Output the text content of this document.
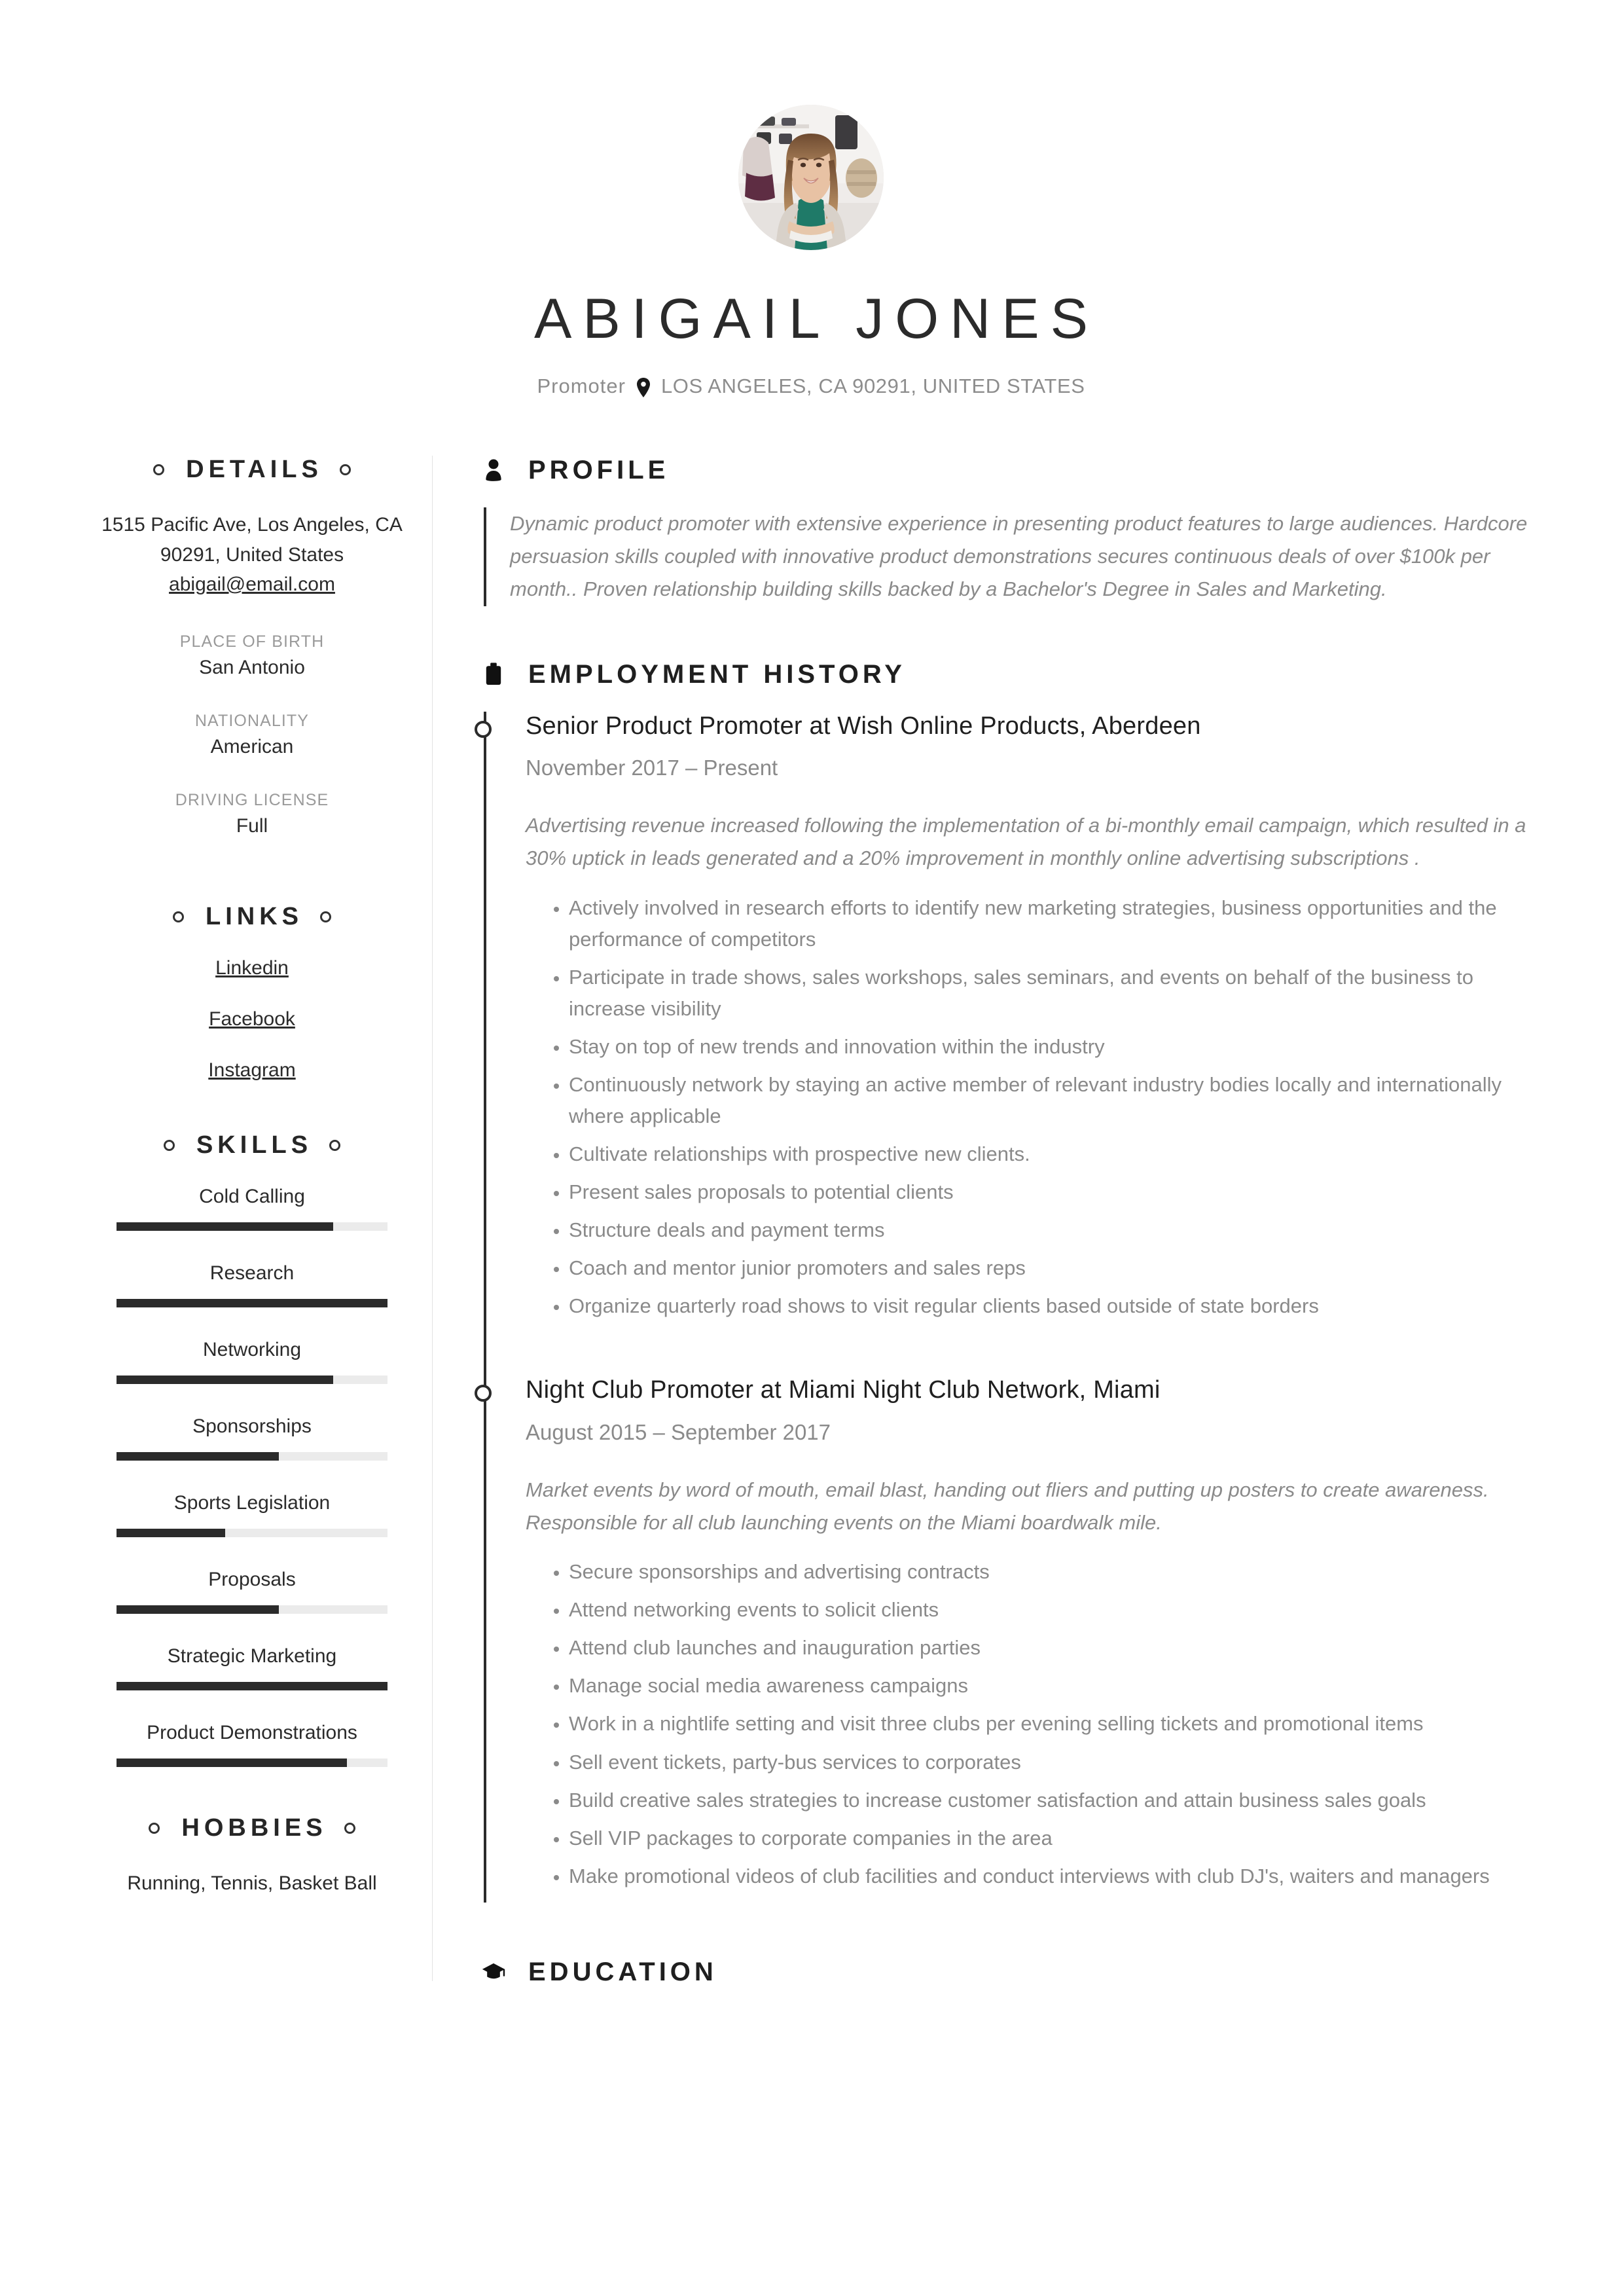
ABIGAIL JONES
Promoter LOS ANGELES, CA 90291, UNITED STATES
DETAILS
1515 Pacific Ave, Los Angeles, CA
90291, United States
abigail@email.com
PLACE OF BIRTH
San Antonio
NATIONALITY
American
DRIVING LICENSE
Full
LINKS
Linkedin
Facebook
Instagram
SKILLS
Cold Calling
Research
Networking
Sponsorships
Sports Legislation
Proposals
Strategic Marketing
Product Demonstrations
HOBBIES
Running, Tennis, Basket Ball
PROFILE

Dynamic product promoter with extensive experience in presenting product features to large audiences. Hardcore persuasion skills coupled with innovative product demonstrations secures continuous deals of over $100k per month.. Proven relationship building skills backed by a Bachelor's Degree in Sales and Marketing.

EMPLOYMENT HISTORY
Senior Product Promoter at Wish Online Products, Aberdeen
November 2017 – Present
Advertising revenue increased following the implementation of a bi-monthly email campaign, which resulted in a 30% uptick in leads generated and a 20% improvement in monthly online advertising subscriptions .
• Actively involved in research efforts to identify new marketing strategies, business opportunities and the performance of competitors
• Participate in trade shows, sales workshops, sales seminars, and events on behalf of the business to increase visibility
• Stay on top of new trends and innovation within the industry
• Continuously network by staying an active member of relevant industry bodies locally and internationally where applicable
• Cultivate relationships with prospective new clients.
• Present sales proposals to potential clients
• Structure deals and payment terms
• Coach and mentor junior promoters and sales reps
• Organize quarterly road shows to visit regular clients based outside of state borders
Night Club Promoter at Miami Night Club Network, Miami
August 2015 – September 2017
Market events by word of mouth, email blast, handing out fliers and putting up posters to create awareness. Responsible for all club launching events on the Miami boardwalk mile.
• Secure sponsorships and advertising contracts
• Attend networking events to solicit clients
• Attend club launches and inauguration parties
• Manage social media awareness campaigns
• Work in a nightlife setting and visit three clubs per evening selling tickets and promotional items
• Sell event tickets, party-bus services to corporates
• Build creative sales strategies to increase customer satisfaction and attain business sales goals
• Sell VIP packages to corporate companies in the area
• Make promotional videos of club facilities and conduct interviews with club DJ's, waiters and managers
EDUCATION
